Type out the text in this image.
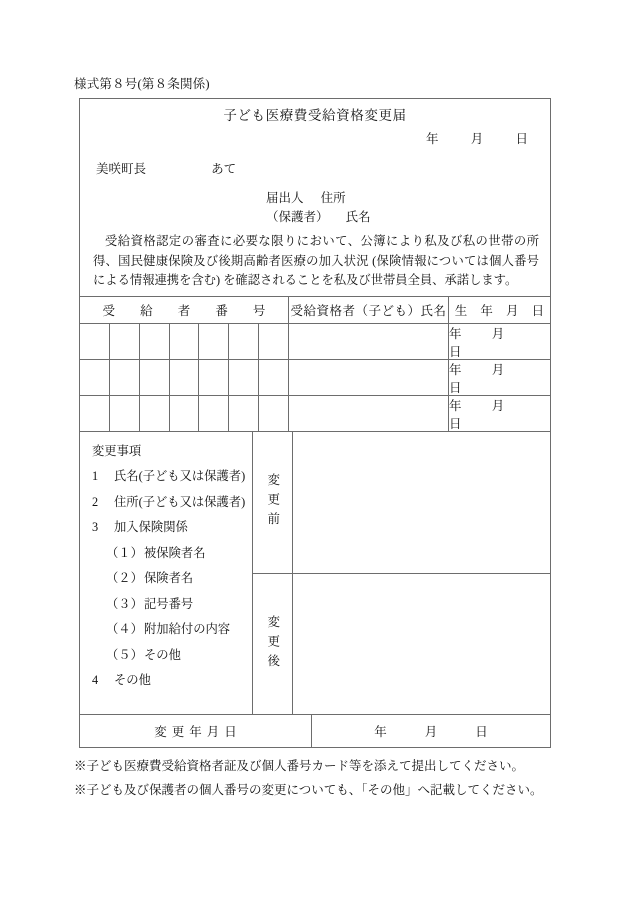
様式第８号(第８条関係)
子ども医療費受給資格変更届
年	月	日
美咲町長	あて
届出人 住所
（保護者） 氏名
受給資格認定の審査に必要な限りにおいて、公簿により私及び私の世帯の所得、国民健康保険及び後期高齢者医療の加入状況 (保険情報については個人番号による情報連携を含む) を確認されることを私及び世帯員全員、承諾します。
受 給 者 番 号 受給資格者（子ども）氏名 生 年 月 日
年 月  日
年 月  日
年 月  日
変更事項
1 氏名(子ども又は保護者)
2 住所(子ども又は保護者)
3 加入保険関係
（１）被保険者名
（２）保険者名
（３）記号番号
（４）附加給付の内容
（５）その他
4 その他
変更前
変更後
変更年月日	年	月	日
※子ども医療費受給資格者証及び個人番号カード等を添えて提出してください。
※子ども及び保護者の個人番号の変更についても、「その他」へ記載してください。
